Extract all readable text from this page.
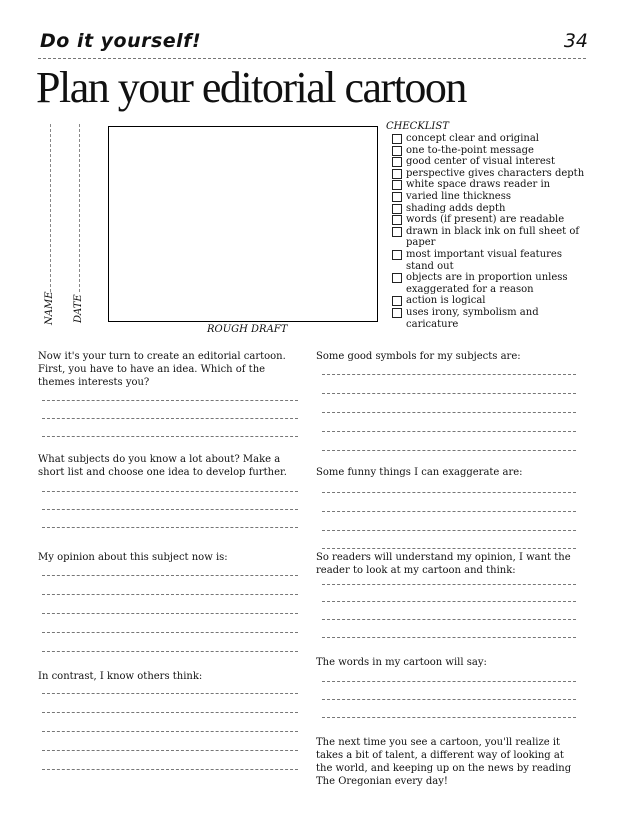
Do it yourself!	34
Plan your editorial cartoon
NAME DATE
ROUGH DRAFT
CHECKLIST
concept clear and original
one to-the-point message
good center of visual interest
perspective gives characters depth
white space draws reader in
varied line thickness
shading adds depth
words (if present) are readable
drawn in black ink on full sheet of paper
most important visual features stand out
objects are in proportion unless exaggerated for a reason
action is logical
uses irony, symbolism and caricature
Now it's your turn to create an editorial cartoon. First, you have to have an idea. Which of the themes interests you?
What subjects do you know a lot about? Make a short list and choose one idea to develop further.
My opinion about this subject now is:
In contrast, I know others think:
Some good symbols for my subjects are:
Some funny things I can exaggerate are:
So readers will understand my opinion, I want the reader to look at my cartoon and think:
The words in my cartoon will say:
The next time you see a cartoon, you'll realize it takes a bit of talent, a different way of looking at the world, and keeping up on the news by reading The Oregonian every day!
